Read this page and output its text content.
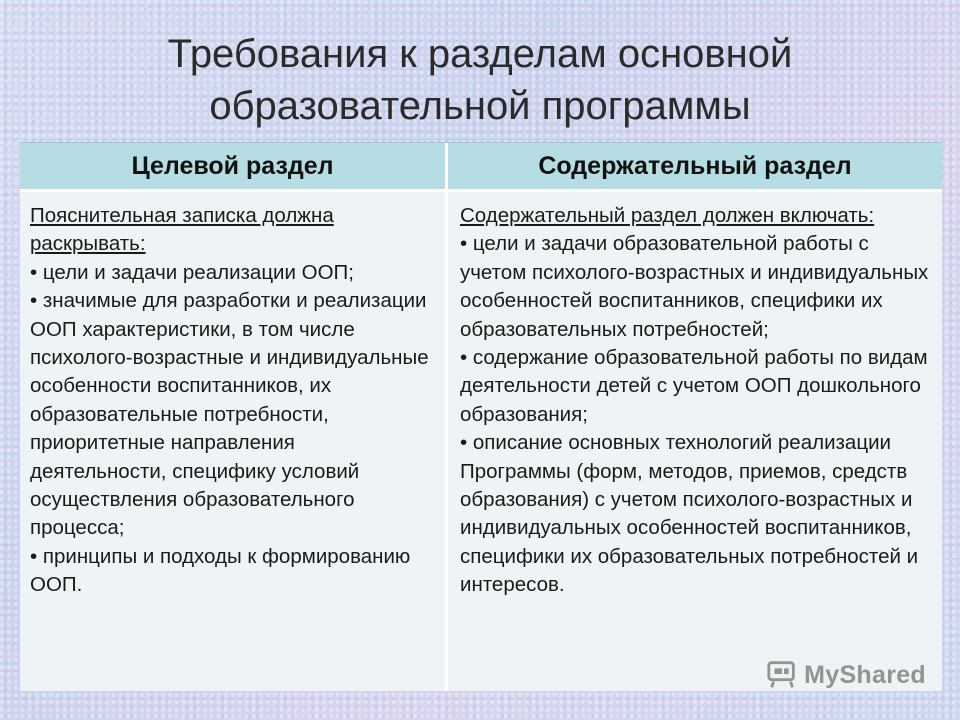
Требования к разделам основной
образовательной программы
Целевой раздел	Содержательный раздел
Пояснительная записка должна раскрывать:
• цели и задачи реализации ООП;
• значимые для разработки и реализации ООП характеристики, в том числе психолого-возрастные и индивидуальные особенности воспитанников, их образовательные потребности, приоритетные направления деятельности, специфику условий осуществления образовательного процесса;
• принципы и подходы к формированию ООП.
Содержательный раздел должен включать:
• цели и задачи образовательной работы с учетом психолого-возрастных и индивидуальных особенностей воспитанников, специфики их образовательных потребностей;
• содержание образовательной работы по видам деятельности детей с учетом ООП дошкольного образования;
• описание основных технологий реализации Программы (форм, методов, приемов, средств образования) с учетом психолого-возрастных и индивидуальных особенностей воспитанников, специфики их образовательных потребностей и интересов.
MyShared
